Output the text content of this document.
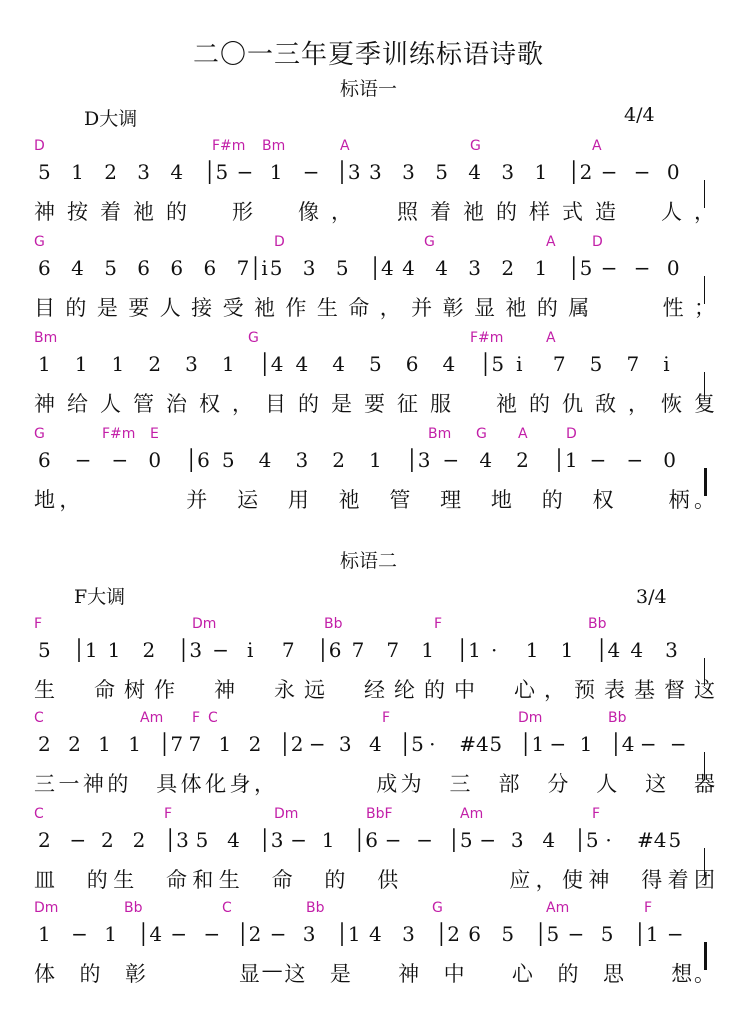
二〇一三年夏季训练标语诗歌
标语一
D大调	4/4
D	F#m Bm	A	G	A
5 1 2 3 4 │5 − 1 − │3 3 3 5 4 3 1 │2 − − 0
神 按 着 祂 的 形 像 ， 照 着 祂 的 样 式 造 人 ，
G	D	G	A	D
6 4 5 6 6 6 7│i 5 3 5 │4 4 4 3 2 1 │5 − − 0
目 的 是 要 人 接 受 祂 作 生 命 ， 并 彰 显 祂 的 属	性 ；
Bm	G	F#m	A
1 1 1 2 3 1 │4 4 4 5 6 4 │5 i 7 5 7 i
神 给 人 管 治 权 ， 目 的 是 要 征 服 祂 的 仇 敌 ， 恢 复
G	F#m E	Bm G A	D
6 − − 0 │6 5 4 3 2 1 │3 − 4 2 │1 − − 0
地 ，	并 运 用 祂 管 理 地 的 权	柄 。
标语二
F大调	3/4
F	Dm	Bb	F	Bb
5 │1 1 2 │3 − i 7 │6 7 7 1 │1 · 1 1 │4 4 3
生 命 树 作 神 永 远 经 纶 的 中 心 ， 预 表 基 督 这
C	Am F C	F	Dm	Bb
2 2 1 1 │7 7 1 2 │2 − 3 4 │5 · #4 5 │1 − 1 │4 − −
三 一 神 的 具 体 化 身 ，	成 为 三 部 分 人 这 器
C	F	Dm	BbF	Am	F
2 − 2 2 │3 5 4 │3 − 1 │6 − − │5 − 3 4 │5 · #4 5
皿 的 生 命 和 生 命 的 供	应 ， 使 神 得 着 团
Dm	Bb	C	Bb	G	Am	F
1 − 1 │4 − − │2 − 3 │1 4 3 │2 6 5 │5 − 5 │1 −
体 的 彰	显 — 这 是 神 中 心 的 思 想 。
